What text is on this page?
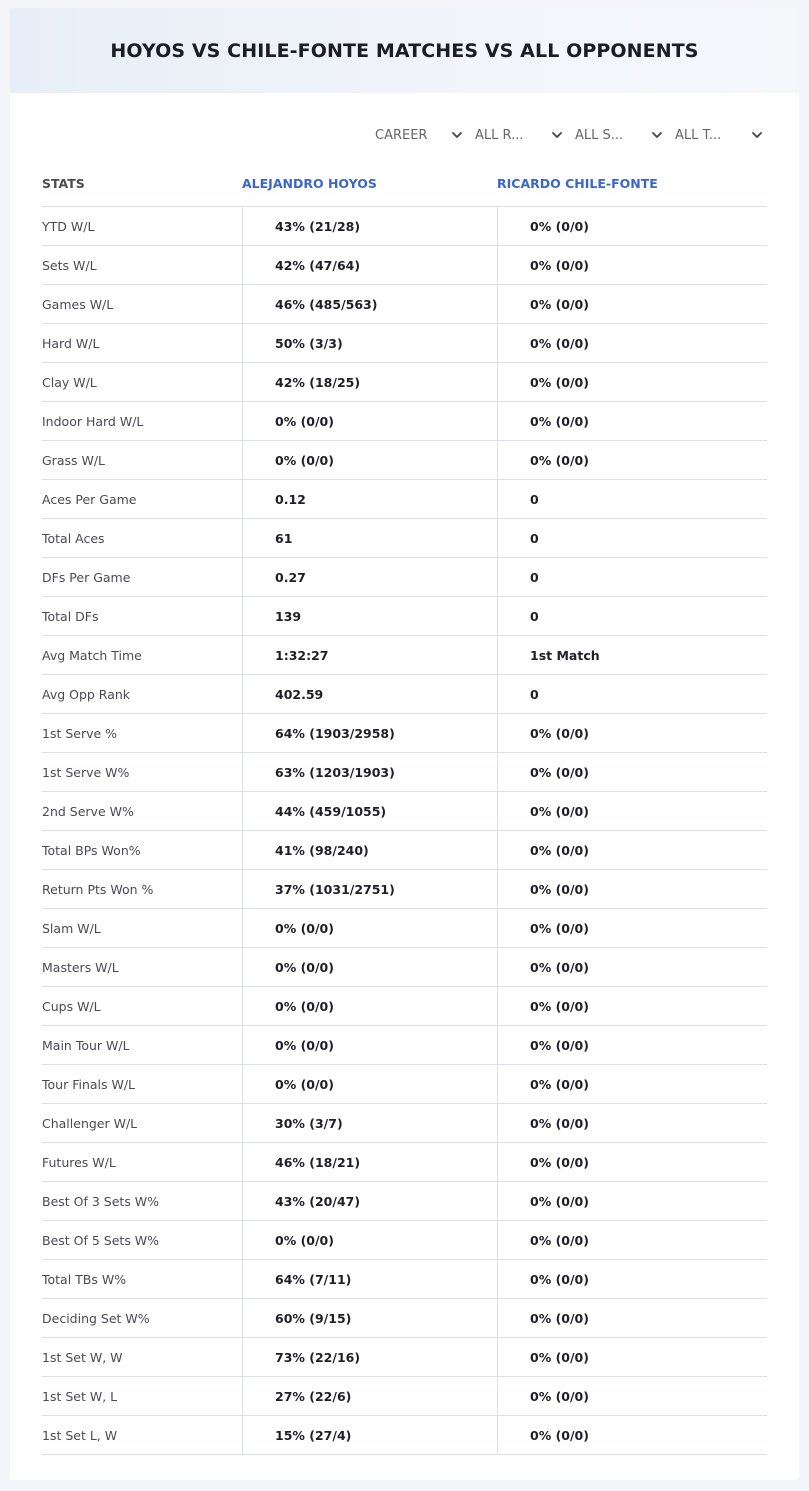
HOYOS VS CHILE-FONTE MATCHES VS ALL OPPONENTS
CAREER	ALL R...	ALL S...	ALL T...
STATS	ALEJANDRO HOYOS	RICARDO CHILE-FONTE
YTD W/L	43% (21/28)	0% (0/0)
Sets W/L	42% (47/64)	0% (0/0)
Games W/L	46% (485/563)	0% (0/0)
Hard W/L	50% (3/3)	0% (0/0)
Clay W/L	42% (18/25)	0% (0/0)
Indoor Hard W/L	0% (0/0)	0% (0/0)
Grass W/L	0% (0/0)	0% (0/0)
Aces Per Game	0.12	0
Total Aces	61	0
DFs Per Game	0.27	0
Total DFs	139	0
Avg Match Time	1:32:27	1st Match
Avg Opp Rank	402.59	0
1st Serve %	64% (1903/2958)	0% (0/0)
1st Serve W%	63% (1203/1903)	0% (0/0)
2nd Serve W%	44% (459/1055)	0% (0/0)
Total BPs Won%	41% (98/240)	0% (0/0)
Return Pts Won %	37% (1031/2751)	0% (0/0)
Slam W/L	0% (0/0)	0% (0/0)
Masters W/L	0% (0/0)	0% (0/0)
Cups W/L	0% (0/0)	0% (0/0)
Main Tour W/L	0% (0/0)	0% (0/0)
Tour Finals W/L	0% (0/0)	0% (0/0)
Challenger W/L	30% (3/7)	0% (0/0)
Futures W/L	46% (18/21)	0% (0/0)
Best Of 3 Sets W%	43% (20/47)	0% (0/0)
Best Of 5 Sets W%	0% (0/0)	0% (0/0)
Total TBs W%	64% (7/11)	0% (0/0)
Deciding Set W%	60% (9/15)	0% (0/0)
1st Set W, W	73% (22/16)	0% (0/0)
1st Set W, L	27% (22/6)	0% (0/0)
1st Set L, W	15% (27/4)	0% (0/0)
